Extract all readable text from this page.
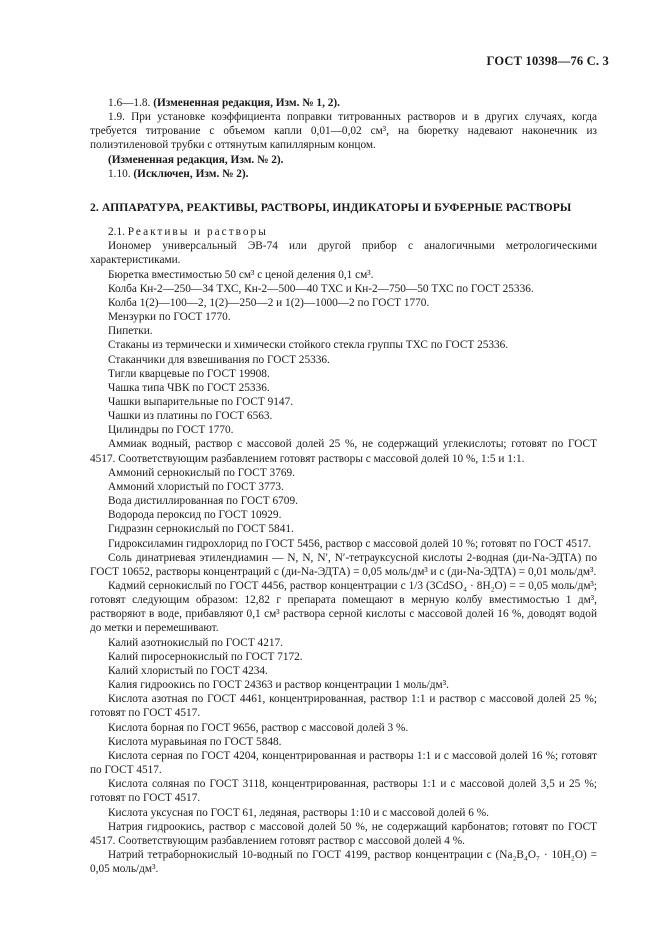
ГОСТ 10398—76 С. 3

1.6—1.8. (Измененная редакция, Изм. № 1, 2).

1.9. При установке коэффициента поправки титрованных растворов и в других случаях, когда требуется титрование с объемом капли 0,01—0,02 см³, на бюретку надевают наконечник из полиэтиленовой трубки с оттянутым капиллярным концом.

(Измененная редакция, Изм. № 2).

1.10. (Исключен, Изм. № 2).

2. АППАРАТУРА, РЕАКТИВЫ, РАСТВОРЫ, ИНДИКАТОРЫ И БУФЕРНЫЕ РАСТВОРЫ

2.1. Реактивы и растворы

Иономер универсальный ЭВ-74 или другой прибор с аналогичными метрологическими характеристиками.

Бюретка вместимостью 50 см³ с ценой деления 0,1 см³.

Колба Кн-2—250—34 ТХС, Кн-2—500—40 ТХС и Кн-2—750—50 ТХС по ГОСТ 25336.

Колба 1(2)—100—2, 1(2)—250—2 и 1(2)—1000—2 по ГОСТ 1770.

Мензурки по ГОСТ 1770.

Пипетки.

Стаканы из термически и химически стойкого стекла группы ТХС по ГОСТ 25336.

Стаканчики для взвешивания по ГОСТ 25336.

Тигли кварцевые по ГОСТ 19908.

Чашка типа ЧВК по ГОСТ 25336.

Чашки выпарительные по ГОСТ 9147.

Чашки из платины по ГОСТ 6563.

Цилиндры по ГОСТ 1770.

Аммиак водный, раствор с массовой долей 25 %, не содержащий углекислоты; готовят по ГОСТ 4517. Соответствующим разбавлением готовят растворы с массовой долей 10 %, 1:5 и 1:1.

Аммоний сернокислый по ГОСТ 3769.

Аммоний хлористый по ГОСТ 3773.

Вода дистиллированная по ГОСТ 6709.

Водорода пероксид по ГОСТ 10929.

Гидразин сернокислый по ГОСТ 5841.

Гидроксиламин гидрохлорид по ГОСТ 5456, раствор с массовой долей 10 %; готовят по ГОСТ 4517.

Соль динатриевая этилендиамин — N, N, N′, N′-тетрауксусной кислоты 2-водная (ди-Na-ЭДТА) по ГОСТ 10652, растворы концентраций с (ди-Na-ЭДТА) = 0,05 моль/дм³ и с (ди-Na-ЭДТА) = 0,01 моль/дм³.

Кадмий сернокислый по ГОСТ 4456, раствор концентрации с 1/3 (3CdSO₄ · 8H₂O) = = 0,05 моль/дм³; готовят следующим образом: 12,82 г препарата помещают в мерную колбу вместимостью 1 дм³, растворяют в воде, прибавляют 0,1 см³ раствора серной кислоты с массовой долей 16 %, доводят водой до метки и перемешивают.

Калий азотнокислый по ГОСТ 4217.

Калий пиросернокислый по ГОСТ 7172.

Калий хлористый по ГОСТ 4234.

Калия гидроокись по ГОСТ 24363 и раствор концентрации 1 моль/дм³.

Кислота азотная по ГОСТ 4461, концентрированная, раствор 1:1 и раствор с массовой долей 25 %; готовят по ГОСТ 4517.

Кислота борная по ГОСТ 9656, раствор с массовой долей 3 %.

Кислота муравьиная по ГОСТ 5848.

Кислота серная по ГОСТ 4204, концентрированная и растворы 1:1 и с массовой долей 16 %; готовят по ГОСТ 4517.

Кислота соляная по ГОСТ 3118, концентрированная, растворы 1:1 и с массовой долей 3,5 и 25 %; готовят по ГОСТ 4517.

Кислота уксусная по ГОСТ 61, ледяная, растворы 1:10 и с массовой долей 6 %.

Натрия гидроокись, раствор с массовой долей 50 %, не содержащий карбонатов; готовят по ГОСТ 4517. Соответствующим разбавлением готовят раствор с массовой долей 4 %.

Натрий тетраборнокислый 10-водный по ГОСТ 4199, раствор концентрации с (Na₂B₄O₇ · 10H₂O) = 0,05 моль/дм³.
